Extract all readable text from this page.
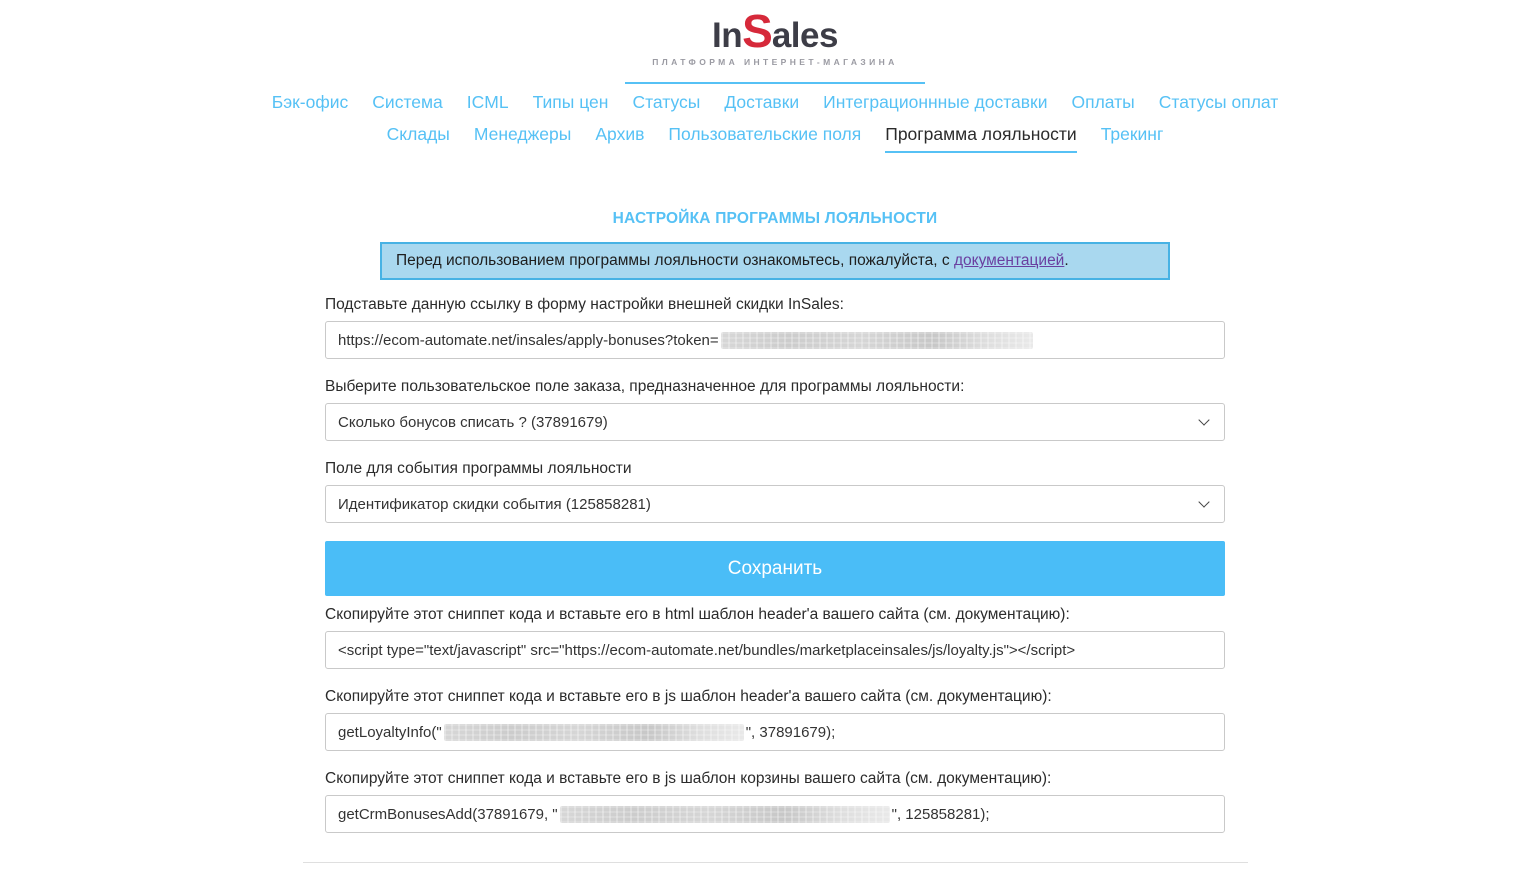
InSales
ПЛАТФОРМА ИНТЕРНЕТ-МАГАЗИНА
Бэк-офис Система ICML Типы цен Статусы Доставки Интеграционнные доставки Оплаты Статусы оплат
Склады Менеджеры Архив Пользовательские поля Программа лояльности Трекинг
НАСТРОЙКА ПРОГРАММЫ ЛОЯЛЬНОСТИ
Перед использованием программы лояльности ознакомьтесь, пожалуйста, с документацией.
Подставьте данную ссылку в форму настройки внешней скидки InSales:
https://ecom-automate.net/insales/apply-bonuses?token=
Выберите пользовательское поле заказа, предназначенное для программы лояльности:
Сколько бонусов списать ? (37891679)
Поле для события программы лояльности
Идентификатор скидки события (125858281)
Сохранить
Скопируйте этот сниппет кода и вставьте его в html шаблон header'а вашего сайта (см. документацию):
<script type="text/javascript" src="https://ecom-automate.net/bundles/marketplaceinsales/js/loyalty.js"></script>
Скопируйте этот сниппет кода и вставьте его в js шаблон header'а вашего сайта (см. документацию):
getLoyaltyInfo("	", 37891679);
Скопируйте этот сниппет кода и вставьте его в js шаблон корзины вашего сайта (см. документацию):
getCrmBonusesAdd(37891679, "	", 125858281);
